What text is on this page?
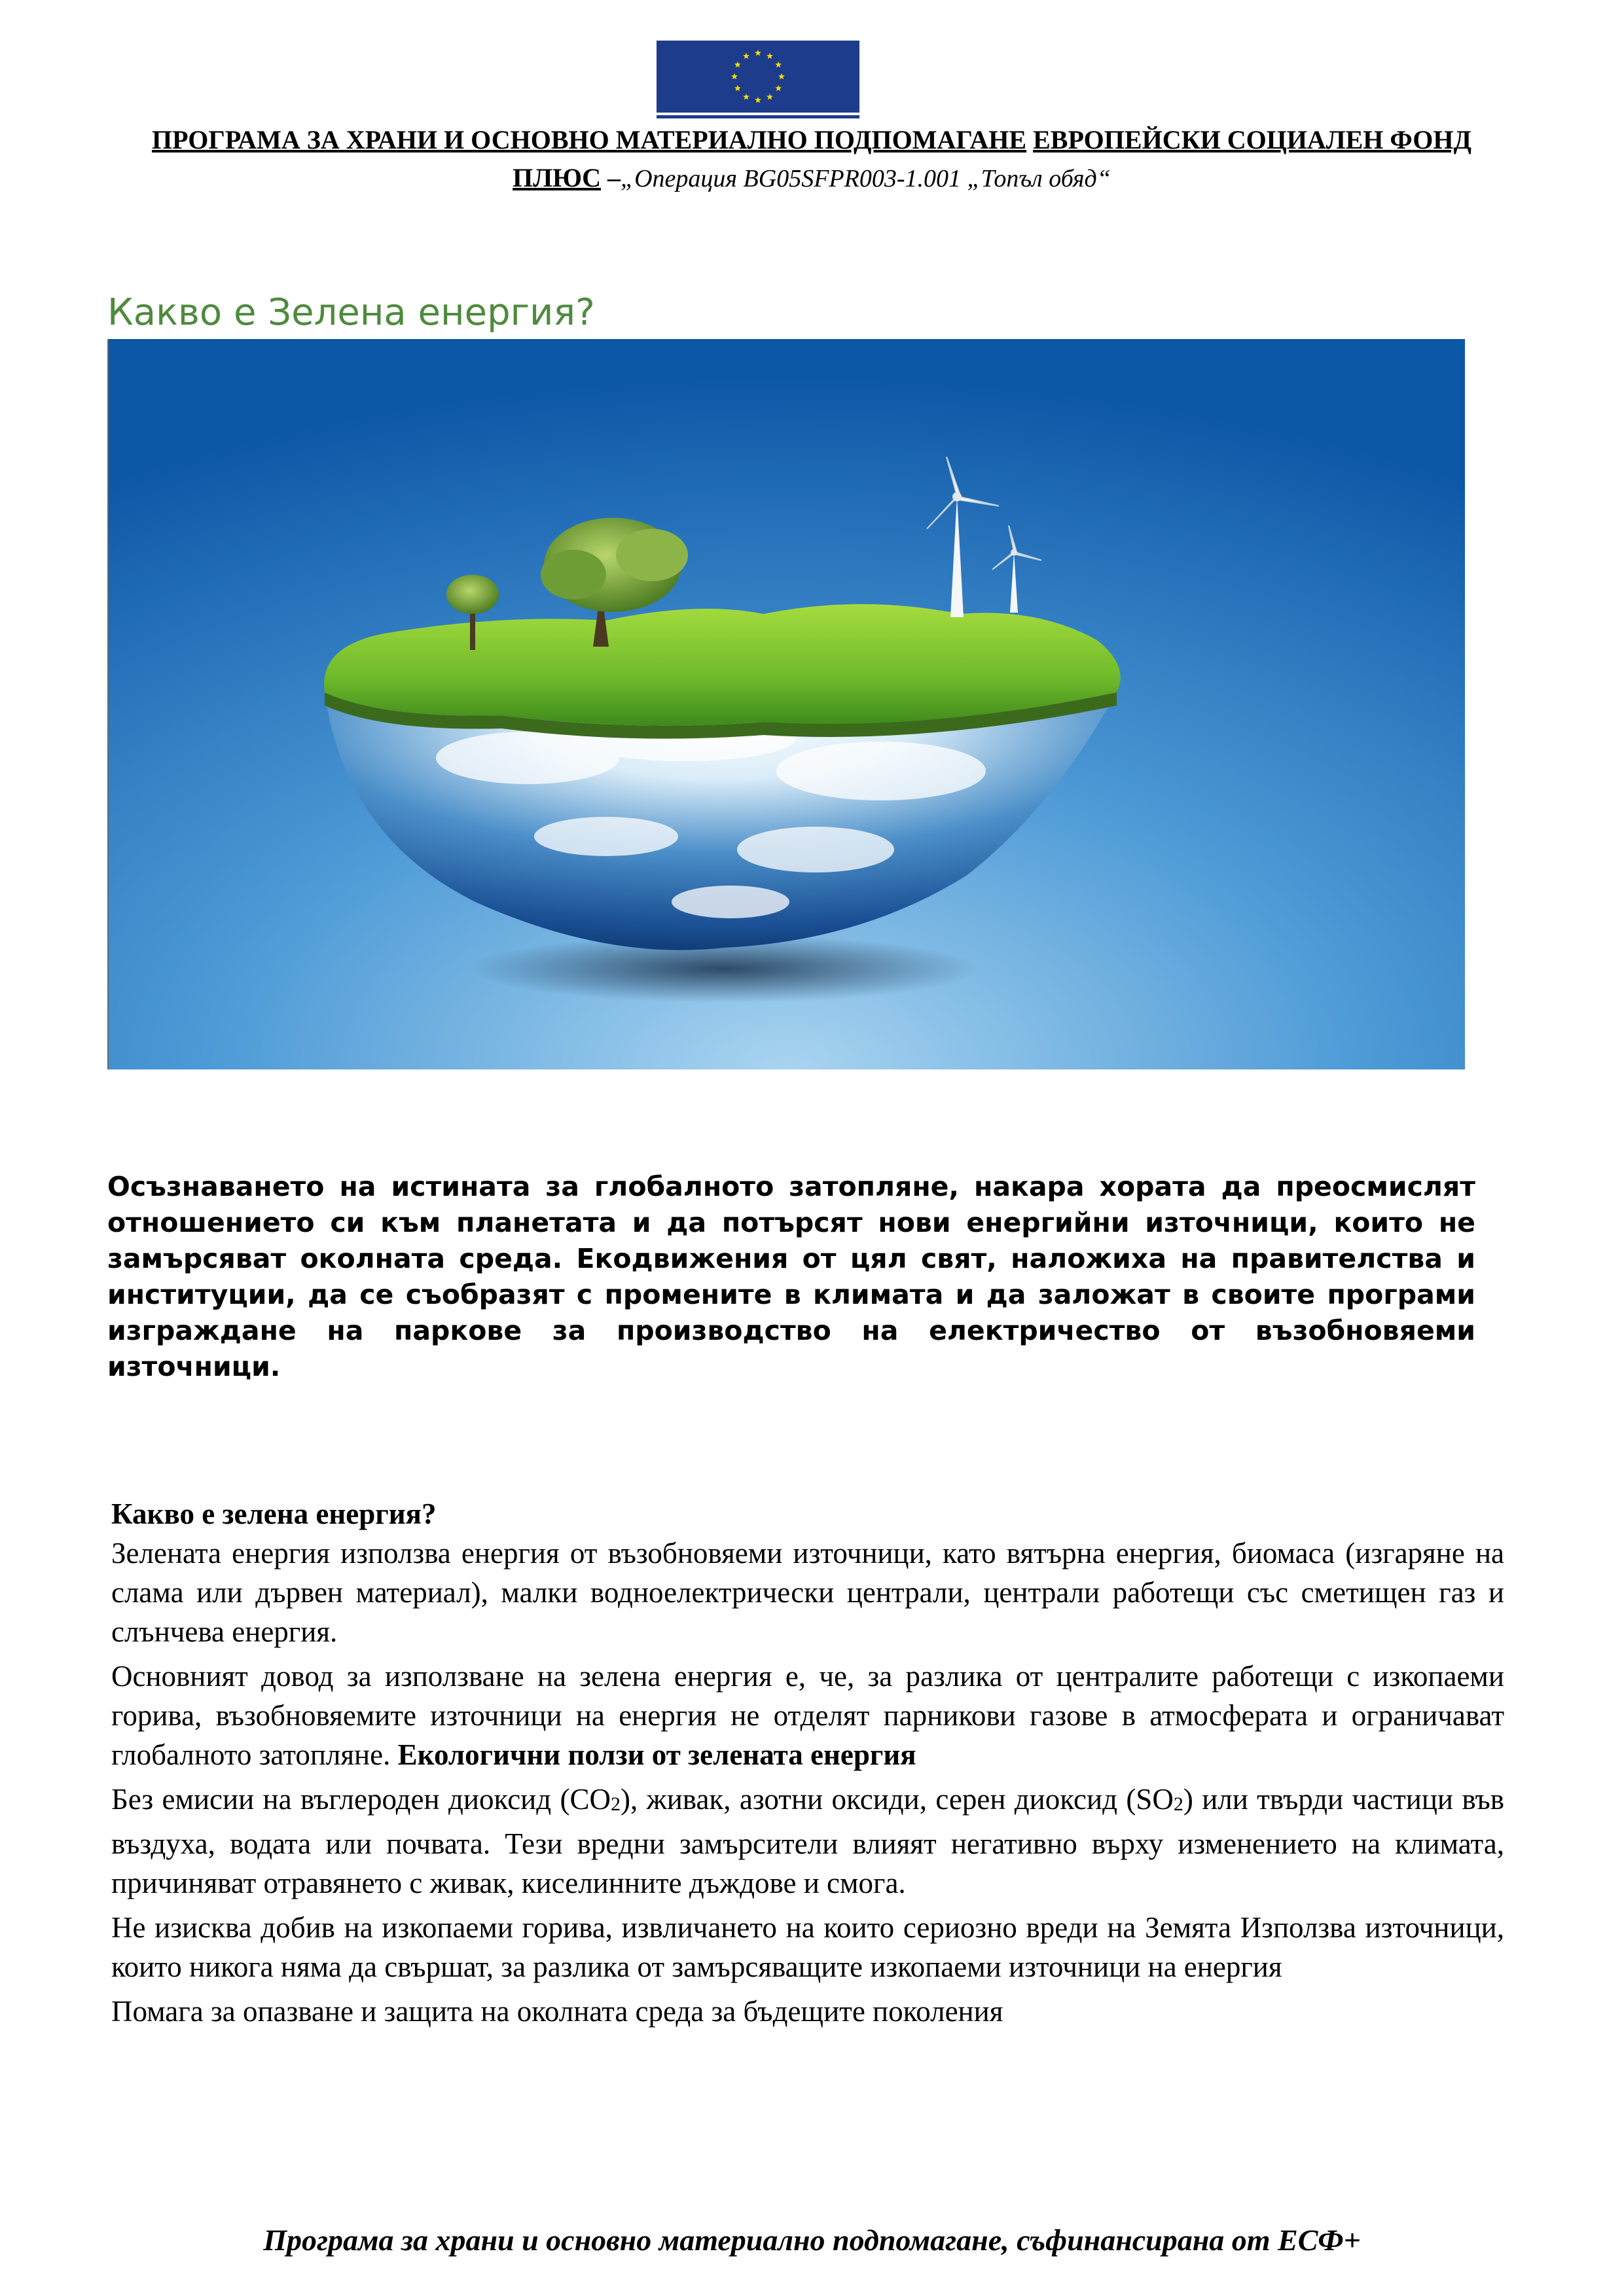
ПРОГРАМА ЗА ХРАНИ И ОСНОВНО МАТЕРИАЛНО ПОДПОМАГАНЕ ЕВРОПЕЙСКИ СОЦИАЛЕН ФОНД
ПЛЮС –„Операция BG05SFPR003-1.001 „Топъл обяд“
Какво е Зелена енергия?

Осъзнаването на истината за глобалното затопляне, накара хората да преосмислят отношението си към планетата и да потърсят нови енергийни източници, които не замърсяват околната среда. Екодвижения от цял свят, наложиха на правителства и институции, да се съобразят с промените в климата и да заложат в своите програми изграждане на паркове за производство на електричество от възобновяеми източници.

Какво е зелена енергия?

Зелената енергия използва енергия от възобновяеми източници, като вятърна енергия, биомаса (изгаряне на слама или дървен материал), малки водноелектрически централи, централи работещи със сметищен газ и слънчева енергия.

Основният довод за използване на зелена енергия е, че, за разлика от централите работещи с изкопаеми горива, възобновяемите източници на енергия не отделят парникови газове в атмосферата и ограничават глобалното затопляне. Екологични ползи от зелената енергия

Без емисии на въглероден диоксид $(CO_2)$, живак, азотни оксиди, серен диоксид $(SO_2)$ или твърди частици във въздуха, водата или почвата. Тези вредни замърсители влияят негативно върху изменението на климата, причиняват отравянето с живак, киселинните дъждове и смога.

Не изисква добив на изкопаеми горива, извличането на които сериозно вреди на Земята Използва източници, които никога няма да свършат, за разлика от замърсяващите изкопаеми източници на енергия

Помага за опазване и защита на околната среда за бъдещите поколения

Програма за храни и основно материално подпомагане, съфинансирана от ЕСФ+
